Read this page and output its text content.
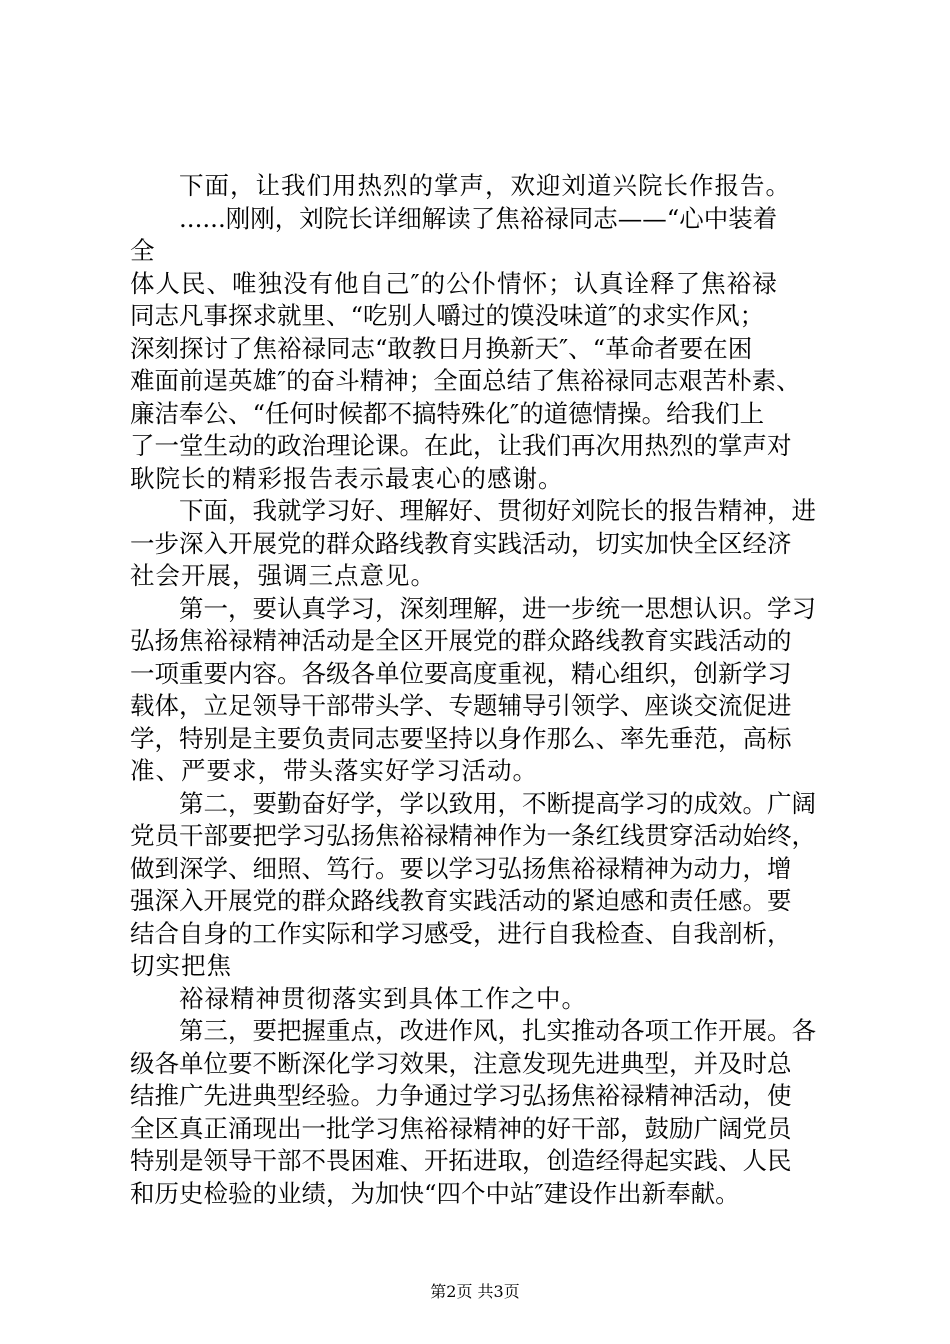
下面，让我们用热烈的掌声，欢迎刘道兴院长作报告。
......刚刚，刘院长详细解读了焦裕禄同志——“心中装着
全
体人民、唯独没有他自己″的公仆情怀；认真诠释了焦裕禄
同志凡事探求就里、“吃别人嚼过的馍没味道″的求实作风；
深刻探讨了焦裕禄同志“敢教日月换新天″、“革命者要在困
难面前逞英雄″的奋斗精神；全面总结了焦裕禄同志艰苦朴素、
廉洁奉公、“任何时候都不搞特殊化″的道德情操。给我们上
了一堂生动的政治理论课。在此，让我们再次用热烈的掌声对
耿院长的精彩报告表示最衷心的感谢。
下面，我就学习好、理解好、贯彻好刘院长的报告精神，进
一步深入开展党的群众路线教育实践活动，切实加快全区经济
社会开展，强调三点意见。
第一，要认真学习，深刻理解，进一步统一思想认识。学习
弘扬焦裕禄精神活动是全区开展党的群众路线教育实践活动的
一项重要内容。各级各单位要高度重视，精心组织，创新学习
载体，立足领导干部带头学、专题辅导引领学、座谈交流促进
学，特别是主要负责同志要坚持以身作那么、率先垂范，高标
准、严要求，带头落实好学习活动。
第二，要勤奋好学，学以致用，不断提高学习的成效。广阔
党员干部要把学习弘扬焦裕禄精神作为一条红线贯穿活动始终，
做到深学、细照、笃行。要以学习弘扬焦裕禄精神为动力，增
强深入开展党的群众路线教育实践活动的紧迫感和责任感。要
结合自身的工作实际和学习感受，进行自我检查、自我剖析，
切实把焦
裕禄精神贯彻落实到具体工作之中。
第三，要把握重点，改进作风，扎实推动各项工作开展。各
级各单位要不断深化学习效果，注意发现先进典型，并及时总
结推广先进典型经验。力争通过学习弘扬焦裕禄精神活动，使
全区真正涌现出一批学习焦裕禄精神的好干部，鼓励广阔党员
特别是领导干部不畏困难、开拓进取，创造经得起实践、人民
和历史检验的业绩，为加快“四个中站″建设作出新奉献。
第2页 共3页
